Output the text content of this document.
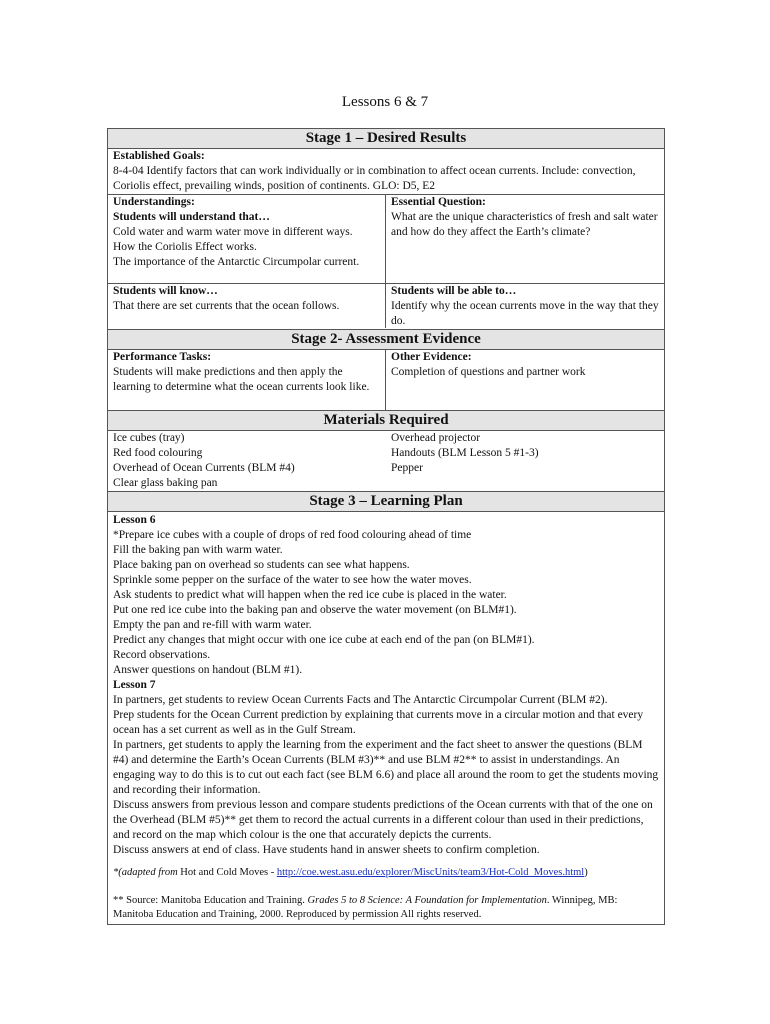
Lessons 6 & 7
Stage 1 – Desired Results
Established Goals:
8-4-04 Identify factors that can work individually or in combination to affect ocean currents. Include: convection, Coriolis effect, prevailing winds, position of continents. GLO: D5, E2
Understandings:
Students will understand that…
Cold water and warm water move in different ways.
How the Coriolis Effect works.
The importance of the Antarctic Circumpolar current.
Essential Question:
What are the unique characteristics of fresh and salt water and how do they affect the Earth’s climate?
Students will know…
That there are set currents that the ocean follows.
Students will be able to…
Identify why the ocean currents move in the way that they do.
Stage 2- Assessment Evidence
Performance Tasks:
Students will make predictions and then apply the learning to determine what the ocean currents look like.
Other Evidence:
Completion of questions and partner work
Materials Required
Ice cubes (tray)
Red food colouring
Overhead of Ocean Currents (BLM #4)
Clear glass baking pan
Overhead projector
Handouts (BLM Lesson 5 #1-3)
Pepper
Stage 3 – Learning Plan

Lesson 6

*Prepare ice cubes with a couple of drops of red food colouring ahead of time

Fill the baking pan with warm water.

Place baking pan on overhead so students can see what happens.

Sprinkle some pepper on the surface of the water to see how the water moves.

Ask students to predict what will happen when the red ice cube is placed in the water.

Put one red ice cube into the baking pan and observe the water movement (on BLM#1).

Empty the pan and re-fill with warm water.

Predict any changes that might occur with one ice cube at each end of the pan (on BLM#1).

Record observations.

Answer questions on handout (BLM #1).

Lesson 7

In partners, get students to review Ocean Currents Facts and The Antarctic Circumpolar Current (BLM #2).

Prep students for the Ocean Current prediction by explaining that currents move in a circular motion and that every ocean has a set current as well as in the Gulf Stream.

In partners, get students to apply the learning from the experiment and the fact sheet to answer the questions (BLM #4) and determine the Earth’s Ocean Currents (BLM #3)** and use BLM #2** to assist in understandings. An engaging way to do this is to cut out each fact (see BLM 6.6) and place all around the room to get the students moving and recording their information.

Discuss answers from previous lesson and compare students predictions of the Ocean currents with that of the one on the Overhead (BLM #5)** get them to record the actual currents in a different colour than used in their predictions, and record on the map which colour is the one that accurately depicts the currents.

Discuss answers at end of class. Have students hand in answer sheets to confirm completion.

*(adapted from Hot and Cold Moves - http://coe.west.asu.edu/explorer/MiscUnits/team3/Hot-Cold_Moves.html)

** Source: Manitoba Education and Training. Grades 5 to 8 Science: A Foundation for Implementation. Winnipeg, MB: Manitoba Education and Training, 2000. Reproduced by permission All rights reserved.
